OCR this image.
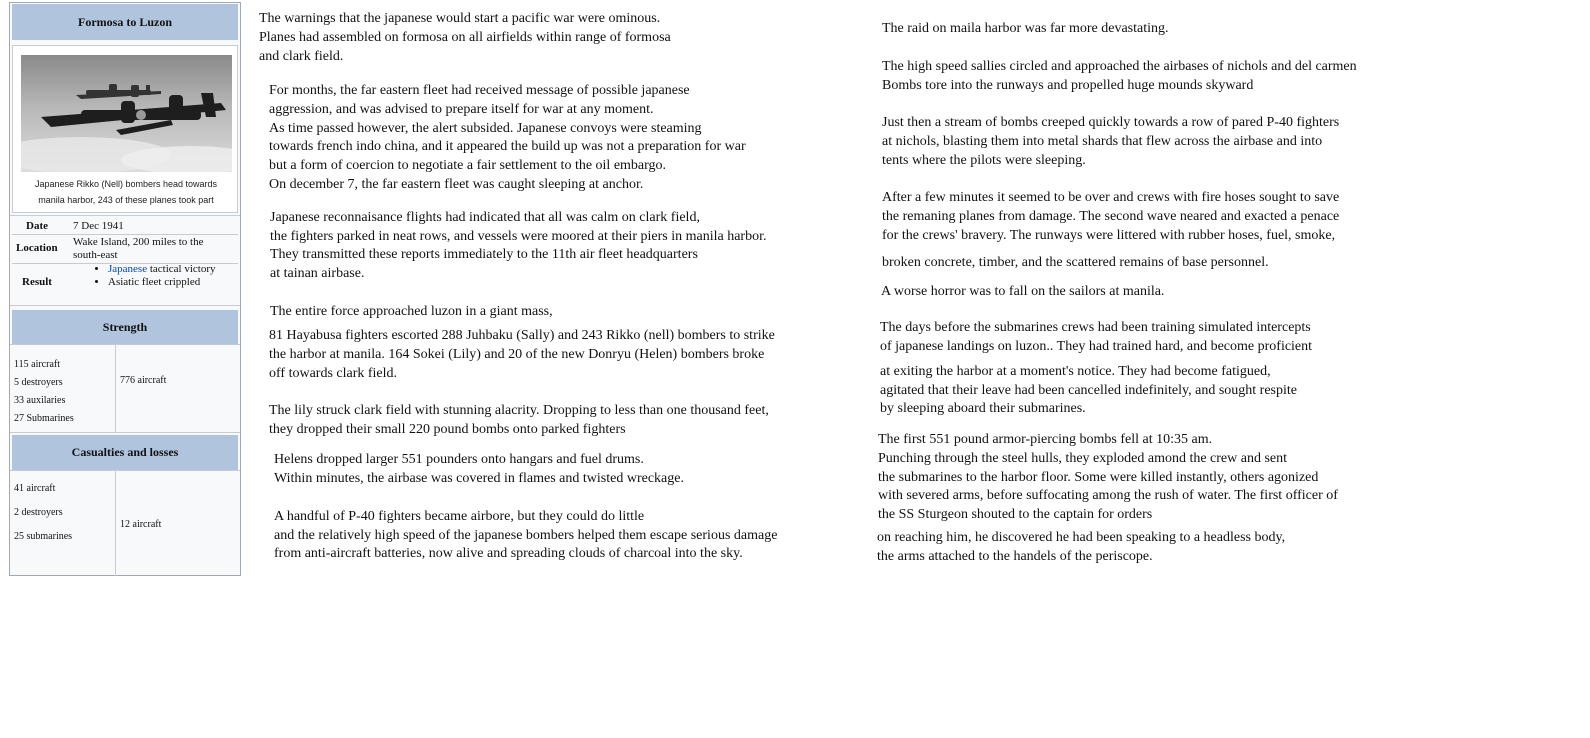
Formosa to Luzon
Japanese Rikko (Nell) bombers head towards
manila harbor, 243 of these planes took part
Date 7 Dec 1941
Location Wake Island, 200 miles to the
south-east
Result
• Japanese tactical victory
• Asiatic fleet crippled
Strength
115 aircraft
5 destroyers
33 auxilaries
27 Submarines
776 aircraft
Casualties and losses
41 aircraft
2 destroyers
25 submarines
12 aircraft
The warnings that the japanese would start a pacific war were ominous.
Planes had assembled on formosa on all airfields within range of formosa
and clark field.
For months, the far eastern fleet had received message of possible japanese
aggression, and was advised to prepare itself for war at any moment.
As time passed however, the alert subsided. Japanese convoys were steaming
towards french indo china, and it appeared the build up was not a preparation for war
but a form of coercion to negotiate a fair settlement to the oil embargo.
On december 7, the far eastern fleet was caught sleeping at anchor.
Japanese reconnaisance flights had indicated that all was calm on clark field,
the fighters parked in neat rows, and vessels were moored at their piers in manila harbor.
They transmitted these reports immediately to the 11th air fleet headquarters
at tainan airbase.
The entire force approached luzon in a giant mass,
81 Hayabusa fighters escorted 288 Juhbaku (Sally) and 243 Rikko (nell) bombers to strike
the harbor at manila. 164 Sokei (Lily) and 20 of the new Donryu (Helen) bombers broke
off towards clark field.
The lily struck clark field with stunning alacrity. Dropping to less than one thousand feet,
they dropped their small 220 pound bombs onto parked fighters
Helens dropped larger 551 pounders onto hangars and fuel drums.
Within minutes, the airbase was covered in flames and twisted wreckage.
A handful of P-40 fighters became airbore, but they could do little
and the relatively high speed of the japanese bombers helped them escape serious damage
from anti-aircraft batteries, now alive and spreading clouds of charcoal into the sky.
The raid on maila harbor was far more devastating.
The high speed sallies circled and approached the airbases of nichols and del carmen
Bombs tore into the runways and propelled huge mounds skyward
Just then a stream of bombs creeped quickly towards a row of pared P-40 fighters
at nichols, blasting them into metal shards that flew across the airbase and into
tents where the pilots were sleeping.
After a few minutes it seemed to be over and crews with fire hoses sought to save
the remaning planes from damage. The second wave neared and exacted a penace
for the crews' bravery. The runways were littered with rubber hoses, fuel, smoke,
broken concrete, timber, and the scattered remains of base personnel.
A worse horror was to fall on the sailors at manila.
The days before the submarines crews had been training simulated intercepts
of japanese landings on luzon.. They had trained hard, and become proficient
at exiting the harbor at a moment's notice. They had become fatigued,
agitated that their leave had been cancelled indefinitely, and sought respite
by sleeping aboard their submarines.
The first 551 pound armor-piercing bombs fell at 10:35 am.
Punching through the steel hulls, they exploded amond the crew and sent
the submarines to the harbor floor. Some were killed instantly, others agonized
with severed arms, before suffocating among the rush of water. The first officer of
the SS Sturgeon shouted to the captain for orders
on reaching him, he discovered he had been speaking to a headless body,
the arms attached to the handels of the periscope.
